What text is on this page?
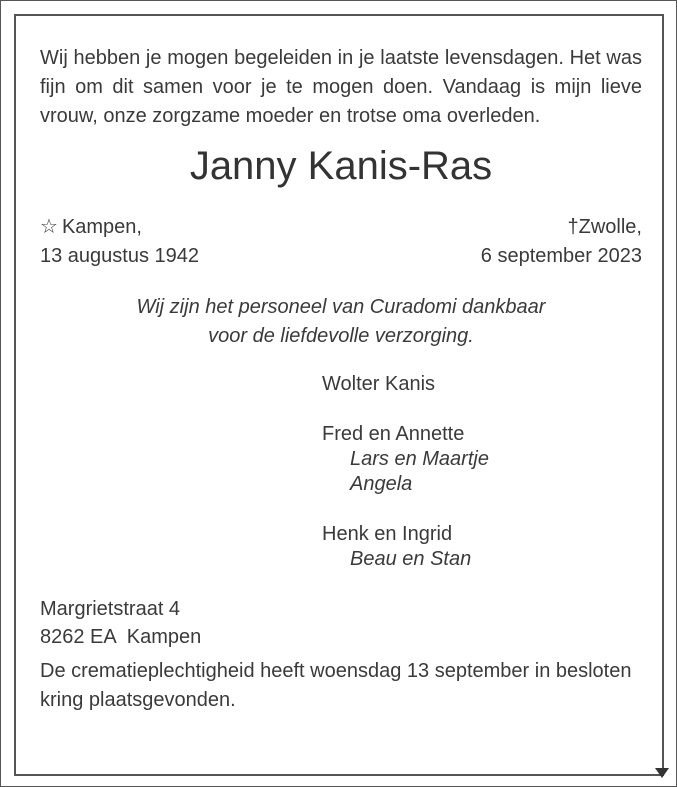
Wij hebben je mogen begeleiden in je laatste levensdagen. Het was fijn om dit samen voor je te mogen doen. Vandaag is mijn lieve vrouw, onze zorgzame moeder en trotse oma overleden.

Janny Kanis-Ras
☆ Kampen,
13 augustus 1942
†Zwolle,
6 september 2023
Wij zijn het personeel van Curadomi dankbaar
voor de liefdevolle verzorging.
Wolter Kanis
Fred en Annette
Lars en Maartje
Angela
Henk en Ingrid
Beau en Stan
Margrietstraat 4
8262 EA  Kampen
De crematieplechtigheid heeft woensdag 13 september in besloten kring plaatsgevonden.
